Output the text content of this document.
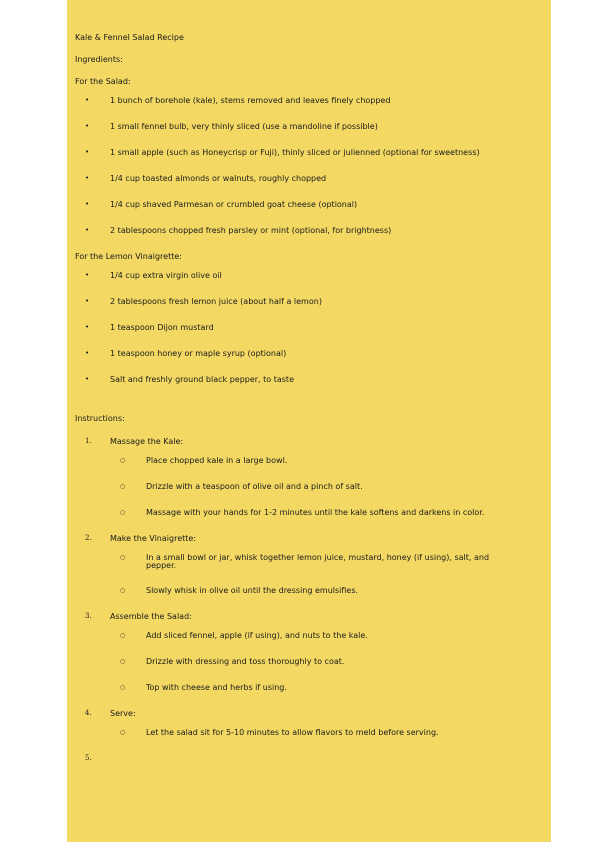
Kale & Fennel Salad Recipe
Ingredients:
For the Salad:
•	1 bunch of borehole (kale), stems removed and leaves finely chopped
•	1 small fennel bulb, very thinly sliced (use a mandoline if possible)
•	1 small apple (such as Honeycrisp or Fuji), thinly sliced or julienned (optional for sweetness)
•	1/4 cup toasted almonds or walnuts, roughly chopped
•	1/4 cup shaved Parmesan or crumbled goat cheese (optional)
•	2 tablespoons chopped fresh parsley or mint (optional, for brightness)
For the Lemon Vinaigrette:
•	1/4 cup extra virgin olive oil
•	2 tablespoons fresh lemon juice (about half a lemon)
•	1 teaspoon Dijon mustard
•	1 teaspoon honey or maple syrup (optional)
•	Salt and freshly ground black pepper, to taste
Instructions:
1. Massage the Kale:
○	Place chopped kale in a large bowl.
○	Drizzle with a teaspoon of olive oil and a pinch of salt.
○	Massage with your hands for 1-2 minutes until the kale softens and darkens in color.
2. Make the Vinaigrette:
○	In a small bowl or jar, whisk together lemon juice, mustard, honey (if using), salt, and
pepper.
○	Slowly whisk in olive oil until the dressing emulsifies.
3. Assemble the Salad:
○	Add sliced fennel, apple (if using), and nuts to the kale.
○	Drizzle with dressing and toss thoroughly to coat.
○	Top with cheese and herbs if using.
4. Serve:
○	Let the salad sit for 5-10 minutes to allow flavors to meld before serving.
5.
